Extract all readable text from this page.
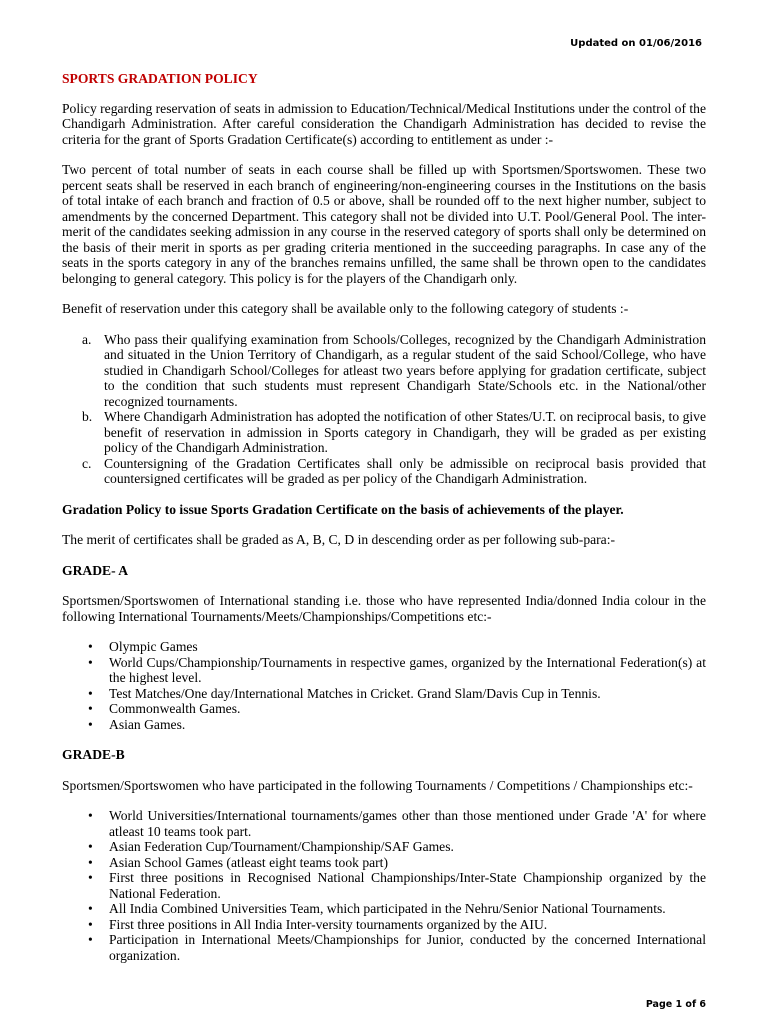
Updated on 01/06/2016
SPORTS GRADATION POLICY

Policy regarding reservation of seats in admission to Education/Technical/Medical Institutions under the control of the Chandigarh Administration. After careful consideration the Chandigarh Administration has decided to revise the criteria for the grant of Sports Gradation Certificate(s) according to entitlement as under :-

Two percent of total number of seats in each course shall be filled up with Sportsmen/Sportswomen. These two percent seats shall be reserved in each branch of engineering/non-engineering courses in the Institutions on the basis of total intake of each branch and fraction of 0.5 or above, shall be rounded off to the next higher number, subject to amendments by the concerned Department. This category shall not be divided into U.T. Pool/General Pool. The inter-merit of the candidates seeking admission in any course in the reserved category of sports shall only be determined on the basis of their merit in sports as per grading criteria mentioned in the succeeding paragraphs. In case any of the seats in the sports category in any of the branches remains unfilled, the same shall be thrown open to the candidates belonging to general category. This policy is for the players of the Chandigarh only.

Benefit of reservation under this category shall be available only to the following category of students :-

a. Who pass their qualifying examination from Schools/Colleges, recognized by the Chandigarh Administration and situated in the Union Territory of Chandigarh, as a regular student of the said School/College, who have studied in Chandigarh School/Colleges for atleast two years before applying for gradation certificate, subject to the condition that such students must represent Chandigarh State/Schools etc. in the National/other recognized tournaments.
b. Where Chandigarh Administration has adopted the notification of other States/U.T. on reciprocal basis, to give benefit of reservation in admission in Sports category in Chandigarh, they will be graded as per existing policy of the Chandigarh Administration.
c. Countersigning of the Gradation Certificates shall only be admissible on reciprocal basis provided that countersigned certificates will be graded as per policy of the Chandigarh Administration.

Gradation Policy to issue Sports Gradation Certificate on the basis of achievements of the player.

The merit of certificates shall be graded as A, B, C, D in descending order as per following sub-para:-

GRADE- A

Sportsmen/Sportswomen of International standing i.e. those who have represented India/donned India colour in the following International Tournaments/Meets/Championships/Competitions etc:-

• Olympic Games
• World Cups/Championship/Tournaments in respective games, organized by the International Federation(s) at the highest level.
• Test Matches/One day/International Matches in Cricket. Grand Slam/Davis Cup in Tennis.
• Commonwealth Games.
• Asian Games.
GRADE-B

Sportsmen/Sportswomen who have participated in the following Tournaments / Competitions / Championships etc:-

• World Universities/International tournaments/games other than those mentioned under Grade 'A' for where atleast 10 teams took part.
• Asian Federation Cup/Tournament/Championship/SAF Games.
• Asian School Games (atleast eight teams took part)
• First three positions in Recognised National Championships/Inter-State Championship organized by the National Federation.
• All India Combined Universities Team, which participated in the Nehru/Senior National Tournaments.
• First three positions in All India Inter-versity tournaments organized by the AIU.
• Participation in International Meets/Championships for Junior, conducted by the concerned International organization.
Page 1 of 6
